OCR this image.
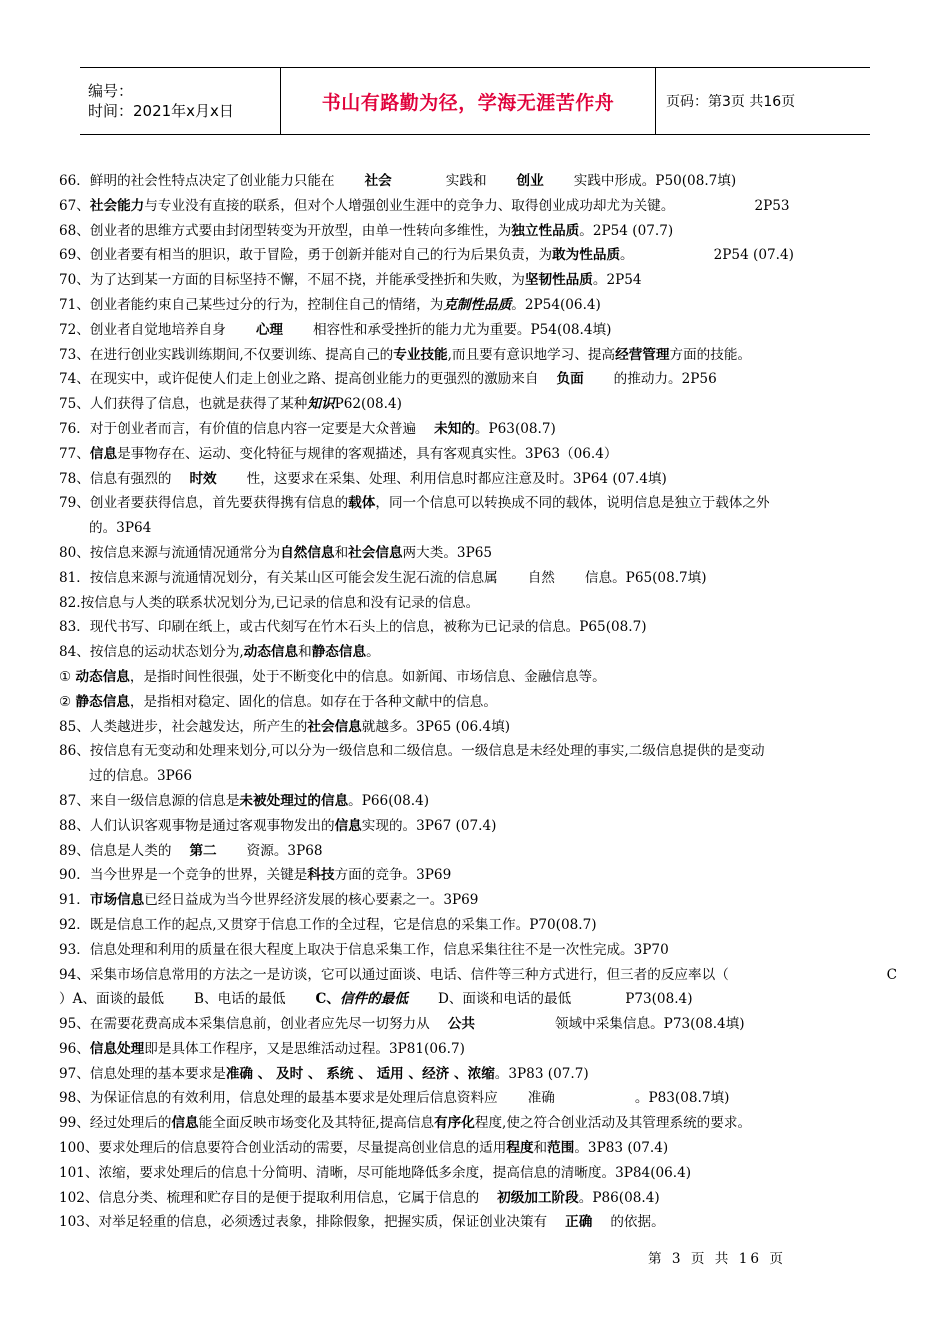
编号：
时间：2021年x月x日	书山有路勤为径，学海无涯苦作舟	页码：第3页 共16页
66．鲜明的社会性特点决定了创业能力只能在 社会	实践和 创业 实践中形成。P50(08.7填)
67、社会能力与专业没有直接的联系，但对个人增强创业生涯中的竞争力、取得创业成功却尤为关键。	2P53
68、创业者的思维方式要由封闭型转变为开放型，由单一性转向多维性，为独立性品质。2P54 (07.7)
69、创业者要有相当的胆识，敢于冒险，勇于创新并能对自己的行为后果负责，为敢为性品质。	2P54 (07.4)
70、为了达到某一方面的目标坚持不懈，不屈不挠，并能承受挫折和失败，为坚韧性品质。2P54
71、创业者能约束自己某些过分的行为，控制住自己的情绪，为克制性品质。2P54(06.4)
72、创业者自觉地培养自身 心理 相容性和承受挫折的能力尤为重要。P54(08.4填)
73、在进行创业实践训练期间,不仅要训练、提高自己的专业技能,而且要有意识地学习、提高经营管理方面的技能。
74、在现实中，或许促使人们走上创业之路、提高创业能力的更强烈的激励来自 负面 的推动力。2P56
75、人们获得了信息，也就是获得了某种知识P62(08.4)
76．对于创业者而言，有价值的信息内容一定要是大众普遍 未知的。P63(08.7)
77、信息是事物存在、运动、变化特征与规律的客观描述，具有客观真实性。3P63（06.4）
78、信息有强烈的 时效 性，这要求在采集、处理、利用信息时都应注意及时。3P64 (07.4填)
79、创业者要获得信息，首先要获得携有信息的载体，同一个信息可以转换成不同的载体，说明信息是独立于载体之外
的。3P64
80、按信息来源与流通情况通常分为自然信息和社会信息两大类。3P65
81．按信息来源与流通情况划分，有关某山区可能会发生泥石流的信息属 自然 信息。P65(08.7填)
82.按信息与人类的联系状况划分为,已记录的信息和没有记录的信息。
83．现代书写、印刷在纸上，或古代刻写在竹木石头上的信息，被称为已记录的信息。P65(08.7)
84、按信息的运动状态划分为,动态信息和静态信息。
① 动态信息，是指时间性很强，处于不断变化中的信息。如新闻、市场信息、金融信息等。
② 静态信息，是指相对稳定、固化的信息。如存在于各种文献中的信息。
85、人类越进步，社会越发达，所产生的社会信息就越多。3P65 (06.4填)
86、按信息有无变动和处理来划分,可以分为一级信息和二级信息。一级信息是未经处理的事实,二级信息提供的是变动
过的信息。3P66
87、来自一级信息源的信息是未被处理过的信息。P66(08.4)
88、人们认识客观事物是通过客观事物发出的信息实现的。3P67 (07.4)
89、信息是人类的 第二 资源。3P68
90．当今世界是一个竞争的世界，关键是科技方面的竞争。3P69
91．市场信息已经日益成为当今世界经济发展的核心要素之一。3P69
92．既是信息工作的起点,又贯穿于信息工作的全过程，它是信息的采集工作。P70(08.7)
93．信息处理和利用的质量在很大程度上取决于信息采集工作，信息采集往往不是一次性完成。3P70
94、采集市场信息常用的方法之一是访谈，它可以通过面谈、电话、信件等三种方式进行，但三者的反应率以（	C
）A、面谈的最低 B、电话的最低 C、信件的最低 D、面谈和电话的最低	P73(08.4)
95、在需要花费高成本采集信息前，创业者应先尽一切努力从 公共	领域中采集信息。P73(08.4填)
96、信息处理即是具体工作程序，又是思维活动过程。3P81(06.7)
97、信息处理的基本要求是准确 、 及时 、 系统 、 适用 、经济 、浓缩。3P83 (07.7)
98、为保证信息的有效利用，信息处理的最基本要求是处理后信息资料应 准确	。P83(08.7填)
99、经过处理后的信息能全面反映市场变化及其特征,提高信息有序化程度,使之符合创业活动及其管理系统的要求。
100、要求处理后的信息要符合创业活动的需要，尽量提高创业信息的适用程度和范围。3P83 (07.4)
101、浓缩，要求处理后的信息十分简明、清晰，尽可能地降低多余度，提高信息的清晰度。3P84(06.4)
102、信息分类、梳理和贮存目的是便于提取利用信息，它属于信息的 初级加工阶段。P86(08.4)
103、对举足轻重的信息，必须透过表象，排除假象，把握实质，保证创业决策有 正确 的依据。
第 3 页 共 16 页
